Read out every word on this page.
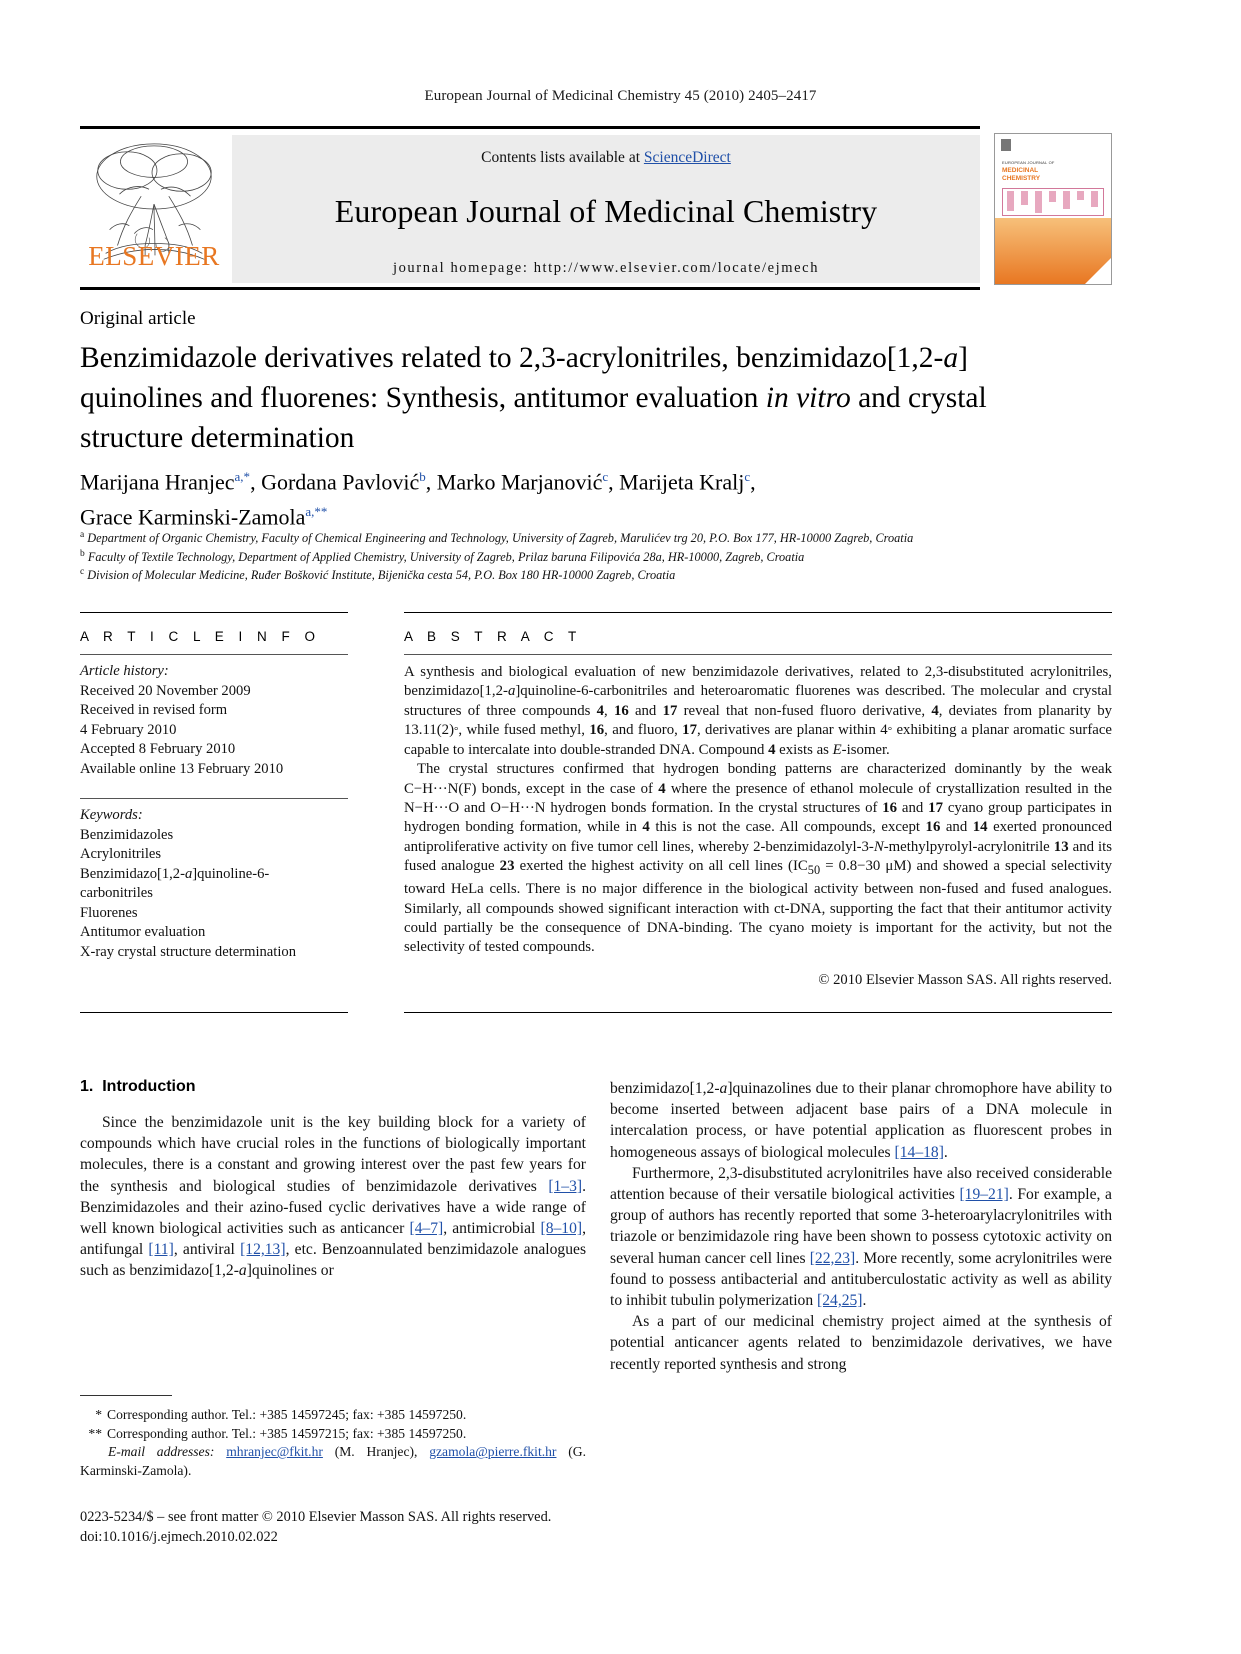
European Journal of Medicinal Chemistry 45 (2010) 2405–2417
ELSEVIER
Contents lists available at ScienceDirect
European Journal of Medicinal Chemistry
journal homepage: http://www.elsevier.com/locate/ejmech
EUROPEAN JOURNAL OF
MEDICINAL
CHEMISTRY
Original article
Benzimidazole derivatives related to 2,3-acrylonitriles, benzimidazo[1,2-a] quinolines and fluorenes: Synthesis, antitumor evaluation in vitro and crystal structure determination
Marijana Hranjec$^{a,*}$, Gordana Pavlović$^b$, Marko Marjanović$^c$, Marijeta Kralj$^c$,
Grace Karminski-Zamola$^{a,**}$
$^a$ Department of Organic Chemistry, Faculty of Chemical Engineering and Technology, University of Zagreb, Marulićev trg 20, P.O. Box 177, HR-10000 Zagreb, Croatia
$^b$ Faculty of Textile Technology, Department of Applied Chemistry, University of Zagreb, Prilaz baruna Filipovića 28a, HR-10000, Zagreb, Croatia
$^c$ Division of Molecular Medicine, Ruđer Bošković Institute, Bijenička cesta 54, P.O. Box 180 HR-10000 Zagreb, Croatia
A R T I C L E I N F O
Article history:
Received 20 November 2009
Received in revised form
4 February 2010
Accepted 8 February 2010
Available online 13 February 2010
Keywords:
Benzimidazoles
Acrylonitriles
Benzimidazo[1,2-a]quinoline-6-
carbonitriles
Fluorenes
Antitumor evaluation
X-ray crystal structure determination
A B S T R A C T

A synthesis and biological evaluation of new benzimidazole derivatives, related to 2,3-disubstituted acrylonitriles, benzimidazo[1,2-a]quinoline-6-carbonitriles and heteroaromatic fluorenes was described. The molecular and crystal structures of three compounds 4, 16 and 17 reveal that non-fused fluoro derivative, 4, deviates from planarity by 13.11(2)°, while fused methyl, 16, and fluoro, 17, derivatives are planar within 4° exhibiting a planar aromatic surface capable to intercalate into double-stranded DNA. Compound 4 exists as E-isomer.

The crystal structures confirmed that hydrogen bonding patterns are characterized dominantly by the weak C−H···N(F) bonds, except in the case of 4 where the presence of ethanol molecule of crystallization resulted in the N−H···O and O−H···N hydrogen bonds formation. In the crystal structures of 16 and 17 cyano group participates in hydrogen bonding formation, while in 4 this is not the case. All compounds, except 16 and 14 exerted pronounced antiproliferative activity on five tumor cell lines, whereby 2-benzimidazolyl-3-N-methylpyrolyl-acrylonitrile 13 and its fused analogue 23 exerted the highest activity on all cell lines ($IC_{50} = 0.8-30$ μM) and showed a special selectivity toward HeLa cells. There is no major difference in the biological activity between non-fused and fused analogues. Similarly, all compounds showed significant interaction with ct-DNA, supporting the fact that their antitumor activity could partially be the consequence of DNA-binding. The cyano moiety is important for the activity, but not the selectivity of tested compounds.

© 2010 Elsevier Masson SAS. All rights reserved.
1. Introduction

Since the benzimidazole unit is the key building block for a variety of compounds which have crucial roles in the functions of biologically important molecules, there is a constant and growing interest over the past few years for the synthesis and biological studies of benzimidazole derivatives [1–3]. Benzimidazoles and their azino-fused cyclic derivatives have a wide range of well known biological activities such as anticancer [4–7], antimicrobial [8–10], antifungal [11], antiviral [12,13], etc. Benzoannulated benzimidazole analogues such as benzimidazo[1,2-a]quinolines or

benzimidazo[1,2-a]quinazolines due to their planar chromophore have ability to become inserted between adjacent base pairs of a DNA molecule in intercalation process, or have potential application as fluorescent probes in homogeneous assays of biological molecules [14–18].

Furthermore, 2,3-disubstituted acrylonitriles have also received considerable attention because of their versatile biological activities [19–21]. For example, a group of authors has recently reported that some 3-heteroarylacrylonitriles with triazole or benzimidazole ring have been shown to possess cytotoxic activity on several human cancer cell lines [22,23]. More recently, some acrylonitriles were found to possess antibacterial and antituberculostatic activity as well as ability to inhibit tubulin polymerization [24,25].

As a part of our medicinal chemistry project aimed at the synthesis of potential anticancer agents related to benzimidazole derivatives, we have recently reported synthesis and strong

* Corresponding author. Tel.: +385 14597245; fax: +385 14597250.
** Corresponding author. Tel.: +385 14597215; fax: +385 14597250.
E-mail addresses: mhranjec@fkit.hr (M. Hranjec), gzamola@pierre.fkit.hr (G. Karminski-Zamola).
0223-5234/$ – see front matter © 2010 Elsevier Masson SAS. All rights reserved.
doi:10.1016/j.ejmech.2010.02.022
